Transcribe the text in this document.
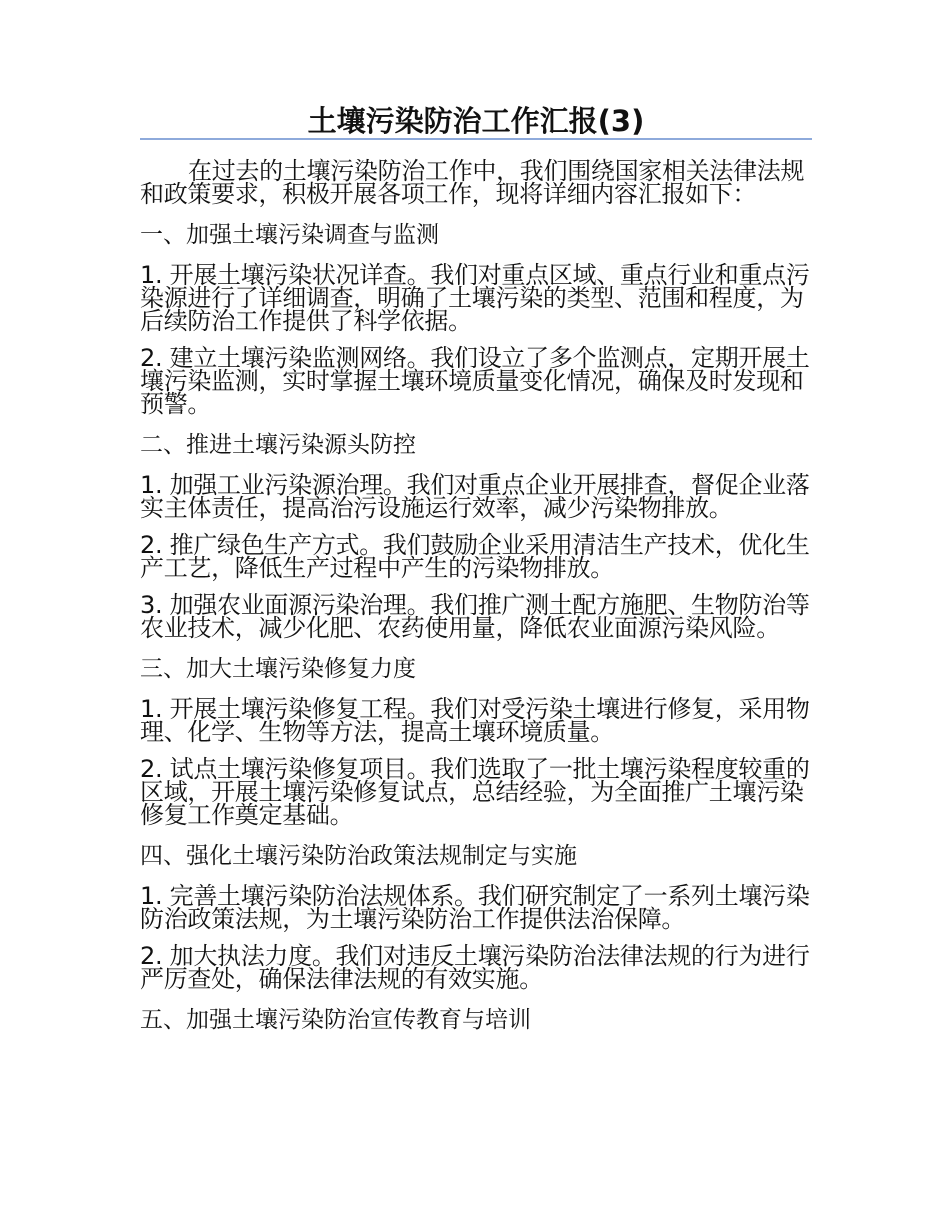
土壤污染防治工作汇报(3)

在过去的土壤污染防治工作中，我们围绕国家相关法律法规和政策要求，积极开展各项工作，现将详细内容汇报如下：

一、加强土壤污染调查与监测

1. 开展土壤污染状况详查。我们对重点区域、重点行业和重点污染源进行了详细调查，明确了土壤污染的类型、范围和程度，为后续防治工作提供了科学依据。

2. 建立土壤污染监测网络。我们设立了多个监测点，定期开展土壤污染监测，实时掌握土壤环境质量变化情况，确保及时发现和预警。

二、推进土壤污染源头防控

1. 加强工业污染源治理。我们对重点企业开展排查，督促企业落实主体责任，提高治污设施运行效率，减少污染物排放。

2. 推广绿色生产方式。我们鼓励企业采用清洁生产技术，优化生产工艺，降低生产过程中产生的污染物排放。

3. 加强农业面源污染治理。我们推广测土配方施肥、生物防治等农业技术，减少化肥、农药使用量，降低农业面源污染风险。

三、加大土壤污染修复力度

1. 开展土壤污染修复工程。我们对受污染土壤进行修复，采用物理、化学、生物等方法，提高土壤环境质量。

2. 试点土壤污染修复项目。我们选取了一批土壤污染程度较重的区域，开展土壤污染修复试点，总结经验，为全面推广土壤污染修复工作奠定基础。

四、强化土壤污染防治政策法规制定与实施

1. 完善土壤污染防治法规体系。我们研究制定了一系列土壤污染防治政策法规，为土壤污染防治工作提供法治保障。

2. 加大执法力度。我们对违反土壤污染防治法律法规的行为进行严厉查处，确保法律法规的有效实施。

五、加强土壤污染防治宣传教育与培训
